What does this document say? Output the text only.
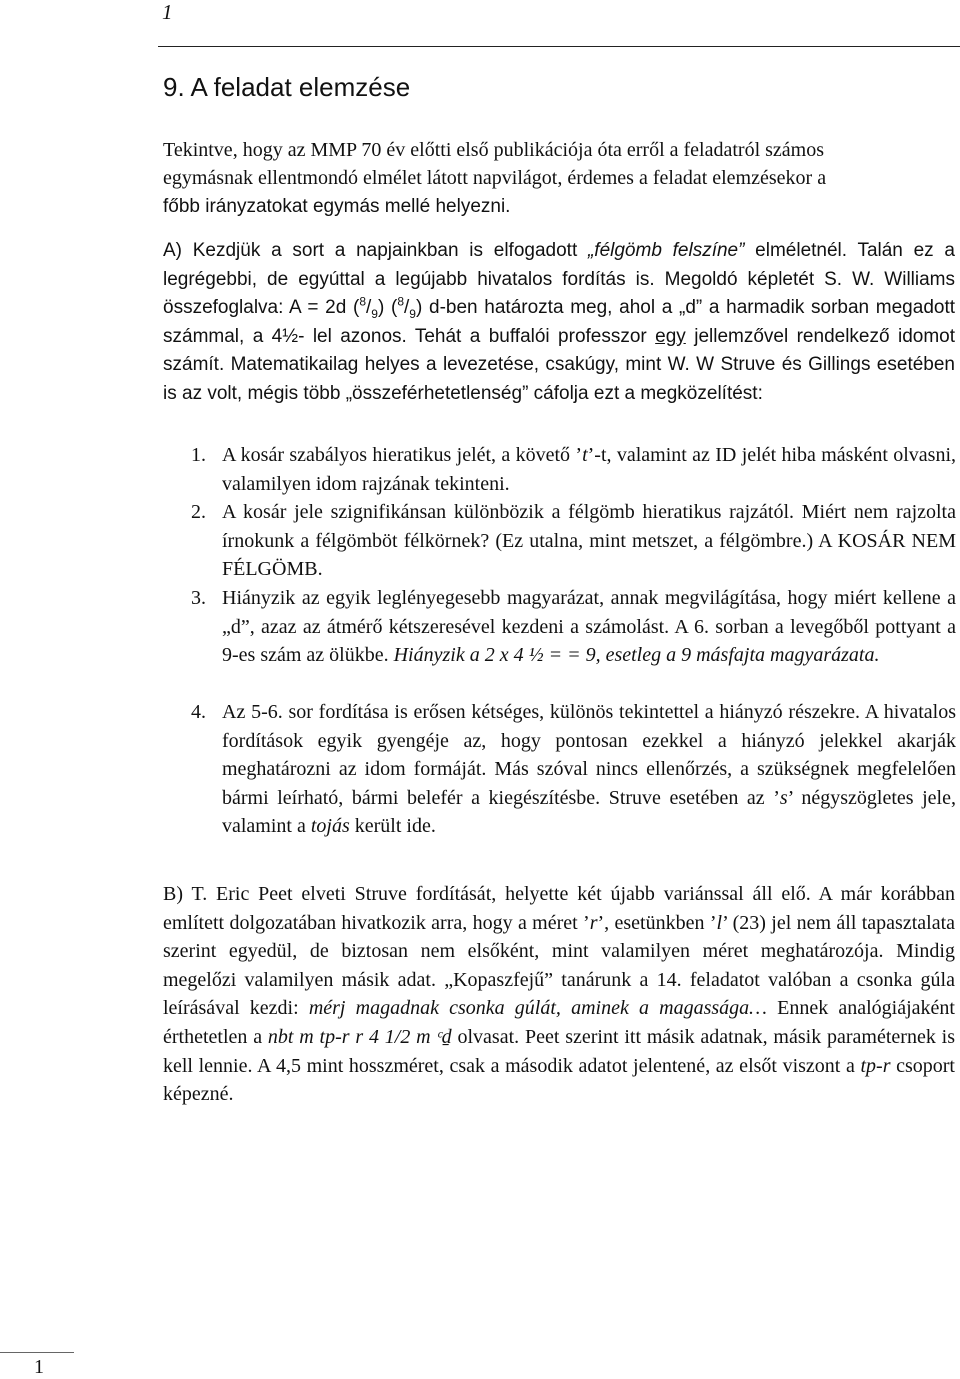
1
9. A feladat elemzése

Tekintve, hogy az MMP 70 év előtti első publikációja óta erről a feladatról számos

egymásnak ellentmondó elmélet látott napvilágot, érdemes a feladat elemzésekor a

főbb irányzatokat egymás mellé helyezni.

A) Kezdjük a sort a napjainkban is elfogadott „félgömb felszíne” elméletnél. Talán ez a legrégebbi, de egyúttal a legújabb hivatalos fordítás is. Megoldó képletét S. W. Williams összefoglalva: A = 2d $(^8/_9)$ $(^8/_9)$ d-ben határozta meg, ahol a „d” a harmadik sorban megadott számmal, a 4½- lel azonos. Tehát a buffalói professzor egy jellemzővel rendelkező idomot számít. Matematikailag helyes a levezetése, csakúgy, mint W. W Struve és Gillings esetében is az volt, mégis több „összeférhetetlenség” cáfolja ezt a megközelítést:

1. A kosár szabályos hieratikus jelét, a követő ’t’-t, valamint az ID jelét hiba másként olvasni, valamilyen idom rajzának tekinteni.

2. A kosár jele szignifikánsan különbözik a félgömb hieratikus rajzától. Miért nem rajzolta írnokunk a félgömböt félkörnek? (Ez utalna, mint metszet, a félgömbre.) A KOSÁR NEM FÉLGÖMB.

3. Hiányzik az egyik leglényegesebb magyarázat, annak megvilágítása, hogy miért kellene a „d”, azaz az átmérő kétszeresével kezdeni a számolást. A 6. sorban a levegőből pottyant a 9-es szám az ölükbe. Hiányzik a 2 x 4 ½ = = 9, esetleg a 9 másfajta magyarázata.

4. Az 5-6. sor fordítása is erősen kétséges, különös tekintettel a hiányzó részekre. A hivatalos fordítások egyik gyengéje az, hogy pontosan ezekkel a hiányzó jelekkel akarják meghatározni az idom formáját. Más szóval nincs ellenőrzés, a szükségnek megfelelően bármi leírható, bármi belefér a kiegészítésbe. Struve esetében az ’s’ négyszögletes jele, valamint a tojás került ide.

B) T. Eric Peet elveti Struve fordítását, helyette két újabb variánssal áll elő. A már korábban említett dolgozatában hivatkozik arra, hogy a méret ’r’, esetünkben ’l’ (23) jel nem áll tapasztalata szerint egyedül, de biztosan nem elsőként, mint valamilyen méret meghatározója. Mindig megelőzi valamilyen másik adat. „Kopaszfejű” tanárunk a 14. feladatot valóban a csonka gúla leírásával kezdi: mérj magadnak csonka gúlát, aminek a magassága… Ennek analógiájaként érthetetlen a nbt m tp-r r 4 1/2 m ᶜḏ olvasat. Peet szerint itt másik adatnak, másik paraméternek is kell lennie. A 4,5 mint hosszméret, csak a második adatot jelentené, az elsőt viszont a tp-r csoport képezné.

1
